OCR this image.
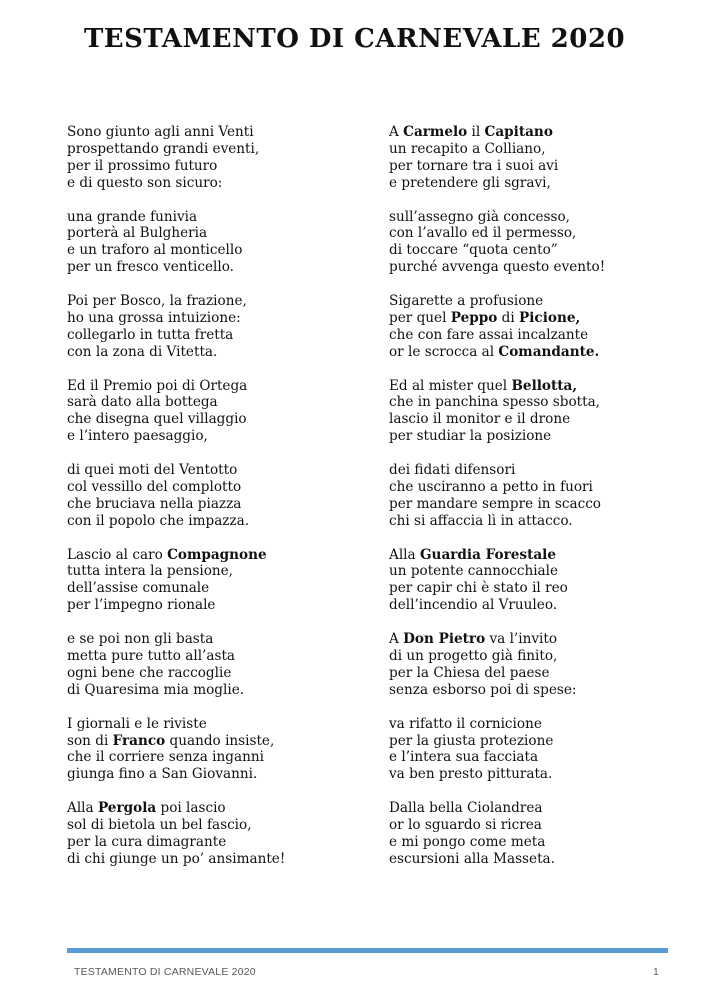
TESTAMENTO DI CARNEVALE 2020
Sono giunto agli anni Venti
prospettando grandi eventi,
per il prossimo futuro
e di questo son sicuro:
una grande funivia
porterà al Bulgheria
e un traforo al monticello
per un fresco venticello.
Poi per Bosco, la frazione,
ho una grossa intuizione:
collegarlo in tutta fretta
con la zona di Vitetta.
Ed il Premio poi di Ortega
sarà dato alla bottega
che disegna quel villaggio
e l’intero paesaggio,
di quei moti del Ventotto
col vessillo del complotto
che bruciava nella piazza
con il popolo che impazza.
Lascio al caro Compagnone
tutta intera la pensione,
dell’assise comunale
per l’impegno rionale
e se poi non gli basta
metta pure tutto all’asta
ogni bene che raccoglie
di Quaresima mia moglie.
I giornali e le riviste
son di Franco quando insiste,
che il corriere senza inganni
giunga fino a San Giovanni.
Alla Pergola poi lascio
sol di bietola un bel fascio,
per la cura dimagrante
di chi giunge un po’ ansimante!
A Carmelo il Capitano
un recapito a Colliano,
per tornare tra i suoi avi
e pretendere gli sgravi,
sull’assegno già concesso,
con l’avallo ed il permesso,
di toccare “quota cento”
purché avvenga questo evento!
Sigarette a profusione
per quel Peppo di Picione,
che con fare assai incalzante
or le scrocca al Comandante.
Ed al mister quel Bellotta,
che in panchina spesso sbotta,
lascio il monitor e il drone
per studiar la posizione
dei fidati difensori
che usciranno a petto in fuori
per mandare sempre in scacco
chi si affaccia lì in attacco.
Alla Guardia Forestale
un potente cannocchiale
per capir chi è stato il reo
dell’incendio al Vruuleo.
A Don Pietro va l’invito
di un progetto già finito,
per la Chiesa del paese
senza esborso poi di spese:
va rifatto il cornicione
per la giusta protezione
e l’intera sua facciata
va ben presto pitturata.
Dalla bella Ciolandrea
or lo sguardo si ricrea
e mi pongo come meta
escursioni alla Masseta.
TESTAMENTO DI CARNEVALE 2020	1
